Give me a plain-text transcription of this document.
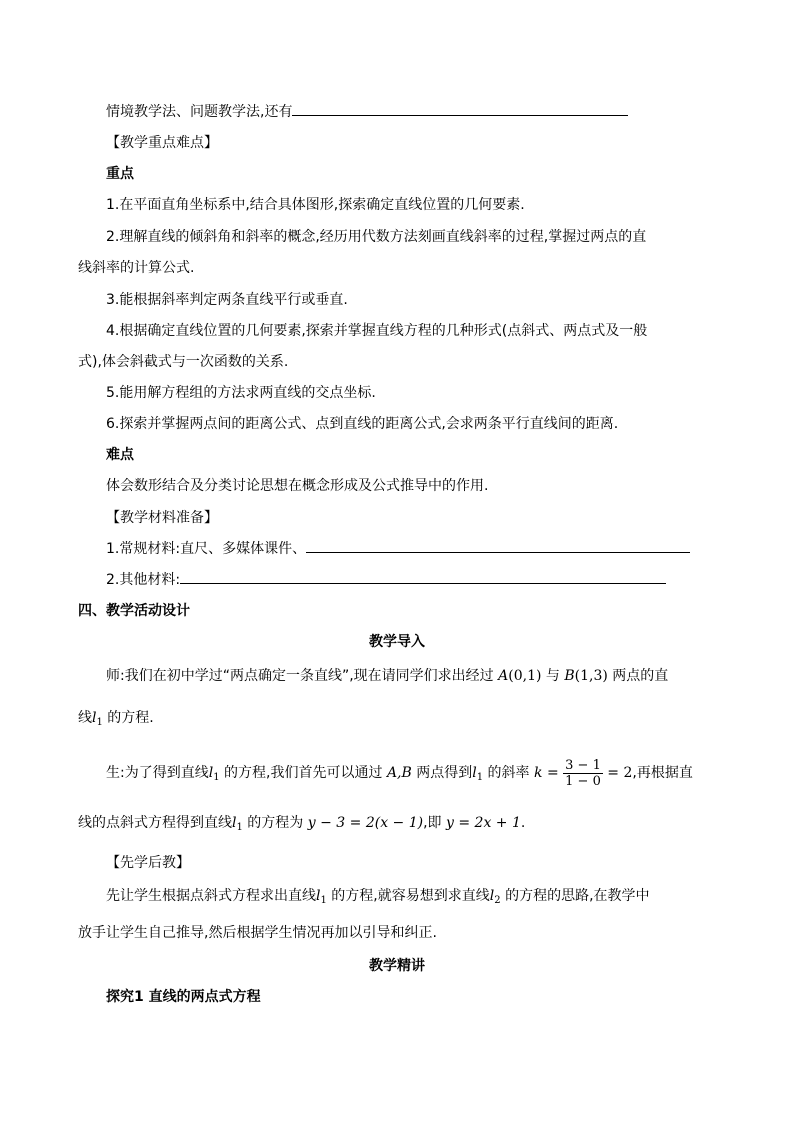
情境教学法、问题教学法,还有
【教学重点难点】
重点
1.在平面直角坐标系中,结合具体图形,探索确定直线位置的几何要素.
2.理解直线的倾斜角和斜率的概念,经历用代数方法刻画直线斜率的过程,掌握过两点的直
线斜率的计算公式.
3.能根据斜率判定两条直线平行或垂直.
4.根据确定直线位置的几何要素,探索并掌握直线方程的几种形式(点斜式、两点式及一般
式),体会斜截式与一次函数的关系.
5.能用解方程组的方法求两直线的交点坐标.
6.探索并掌握两点间的距离公式、点到直线的距离公式,会求两条平行直线间的距离.
难点
体会数形结合及分类讨论思想在概念形成及公式推导中的作用.
【教学材料准备】
1.常规材料:直尺、多媒体课件、
2.其他材料:
四、教学活动设计
教学导入
师:我们在初中学过“两点确定一条直线”,现在请同学们求出经过 A(0,1) 与 B(1,3) 两点的直
线$l_1$ 的方程.
生:为了得到直线$l_1$ 的方程,我们首先可以通过 A,B 两点得到$l_1$ 的斜率 $k = \frac{3 - 1}{1 - 0} = 2$,再根据直
线的点斜式方程得到直线$l_1$ 的方程为 y − 3 = 2(x − 1),即 y = 2x + 1.
【先学后教】
先让学生根据点斜式方程求出直线$l_1$ 的方程,就容易想到求直线$l_2$ 的方程的思路,在教学中
放手让学生自己推导,然后根据学生情况再加以引导和纠正.
教学精讲
探究1 直线的两点式方程
